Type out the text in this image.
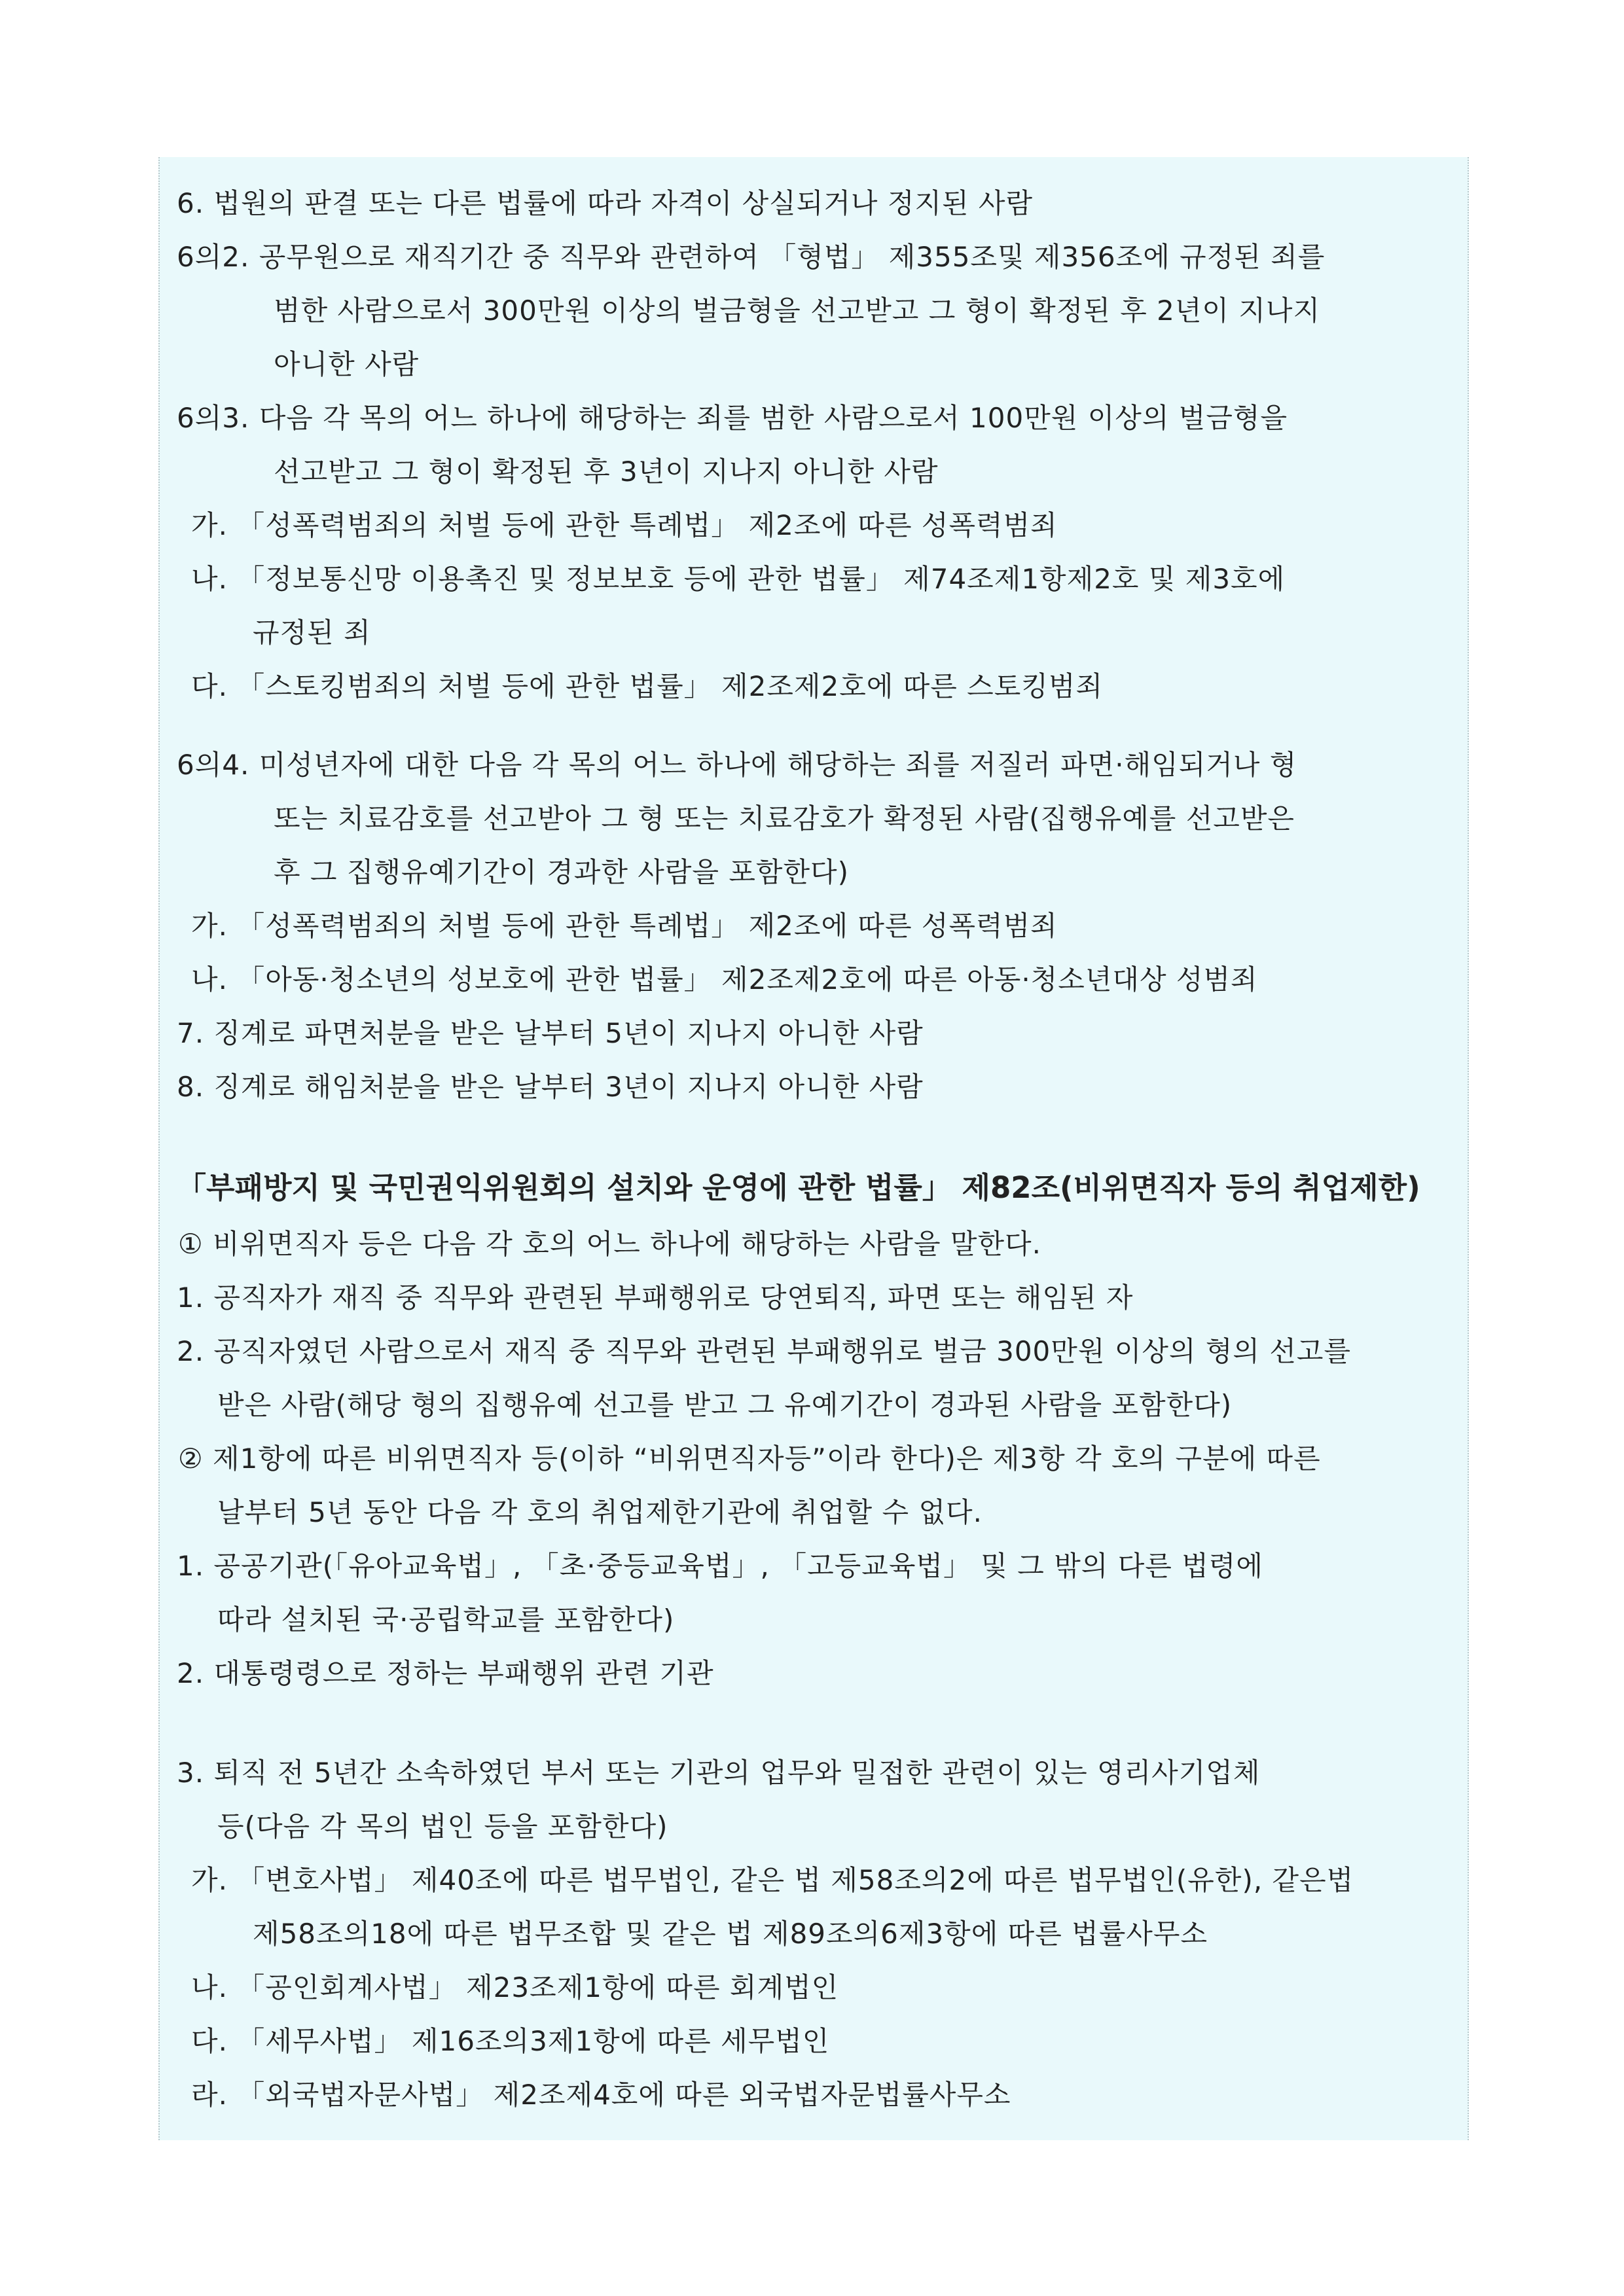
6. 법원의 판결 또는 다른 법률에 따라 자격이 상실되거나 정지된 사람
6의2. 공무원으로 재직기간 중 직무와 관련하여 「형법」 제355조및 제356조에 규정된 죄를
범한 사람으로서 300만원 이상의 벌금형을 선고받고 그 형이 확정된 후 2년이 지나지
아니한 사람
6의3. 다음 각 목의 어느 하나에 해당하는 죄를 범한 사람으로서 100만원 이상의 벌금형을
선고받고 그 형이 확정된 후 3년이 지나지 아니한 사람
가. 「성폭력범죄의 처벌 등에 관한 특례법」 제2조에 따른 성폭력범죄
나. 「정보통신망 이용촉진 및 정보보호 등에 관한 법률」 제74조제1항제2호 및 제3호에
규정된 죄
다. 「스토킹범죄의 처벌 등에 관한 법률」 제2조제2호에 따른 스토킹범죄
6의4. 미성년자에 대한 다음 각 목의 어느 하나에 해당하는 죄를 저질러 파면·해임되거나 형
또는 치료감호를 선고받아 그 형 또는 치료감호가 확정된 사람(집행유예를 선고받은
후 그 집행유예기간이 경과한 사람을 포함한다)
가. 「성폭력범죄의 처벌 등에 관한 특례법」 제2조에 따른 성폭력범죄
나. 「아동·청소년의 성보호에 관한 법률」 제2조제2호에 따른 아동·청소년대상 성범죄
7. 징계로 파면처분을 받은 날부터 5년이 지나지 아니한 사람
8. 징계로 해임처분을 받은 날부터 3년이 지나지 아니한 사람
「부패방지 및 국민권익위원회의 설치와 운영에 관한 법률」 제82조(비위면직자 등의 취업제한)
① 비위면직자 등은 다음 각 호의 어느 하나에 해당하는 사람을 말한다.
1. 공직자가 재직 중 직무와 관련된 부패행위로 당연퇴직, 파면 또는 해임된 자
2. 공직자였던 사람으로서 재직 중 직무와 관련된 부패행위로 벌금 300만원 이상의 형의 선고를
받은 사람(해당 형의 집행유예 선고를 받고 그 유예기간이 경과된 사람을 포함한다)
② 제1항에 따른 비위면직자 등(이하 “비위면직자등”이라 한다)은 제3항 각 호의 구분에 따른
날부터 5년 동안 다음 각 호의 취업제한기관에 취업할 수 없다.
1. 공공기관(「유아교육법」, 「초·중등교육법」, 「고등교육법」 및 그 밖의 다른 법령에
따라 설치된 국·공립학교를 포함한다)
2. 대통령령으로 정하는 부패행위 관련 기관
3. 퇴직 전 5년간 소속하였던 부서 또는 기관의 업무와 밀접한 관련이 있는 영리사기업체
등(다음 각 목의 법인 등을 포함한다)
가. 「변호사법」 제40조에 따른 법무법인, 같은 법 제58조의2에 따른 법무법인(유한), 같은법
제58조의18에 따른 법무조합 및 같은 법 제89조의6제3항에 따른 법률사무소
나. 「공인회계사법」 제23조제1항에 따른 회계법인
다. 「세무사법」 제16조의3제1항에 따른 세무법인
라. 「외국법자문사법」 제2조제4호에 따른 외국법자문법률사무소
